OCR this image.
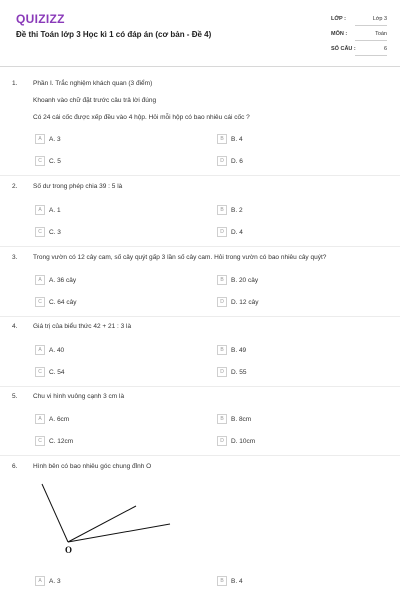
QUIZIZZ
Đề thi Toán lớp 3 Học kì 1 có đáp án (cơ bản - Đề 4)
LỚP :	Lớp 3
MÔN :	Toán
SỐ CÂU :	6
1. Phần I. Trắc nghiệm khách quan (3 điểm)
Khoanh vào chữ đặt trước câu trả lời đúng
Có 24 cái cốc được xếp đều vào 4 hộp. Hỏi mỗi hộp có bao nhiêu cái cốc ?
A	A. 3	B	B. 4
C	C. 5	D	D. 6
2. Số dư trong phép chia 39 : 5 là
A	A. 1	B	B. 2
C	C. 3	D	D. 4
3. Trong vườn có 12 cây cam, số cây quýt gấp 3 lần số cây cam. Hỏi trong vườn có bao nhiêu cây quýt?
A	A. 36 cây	B	B. 20 cây
C	C. 64 cây	D	D. 12 cây
4. Giá trị của biểu thức 42 + 21 : 3 là
A	A. 40	B	B. 49
C	C. 54	D	D. 55
5. Chu vi hình vuông cạnh 3 cm là
A	A. 6cm	B	B. 8cm
C	C. 12cm	D	D. 10cm
6. Hình bên có bao nhiêu góc chung đỉnh O
O
A	A. 3	B	B. 4
